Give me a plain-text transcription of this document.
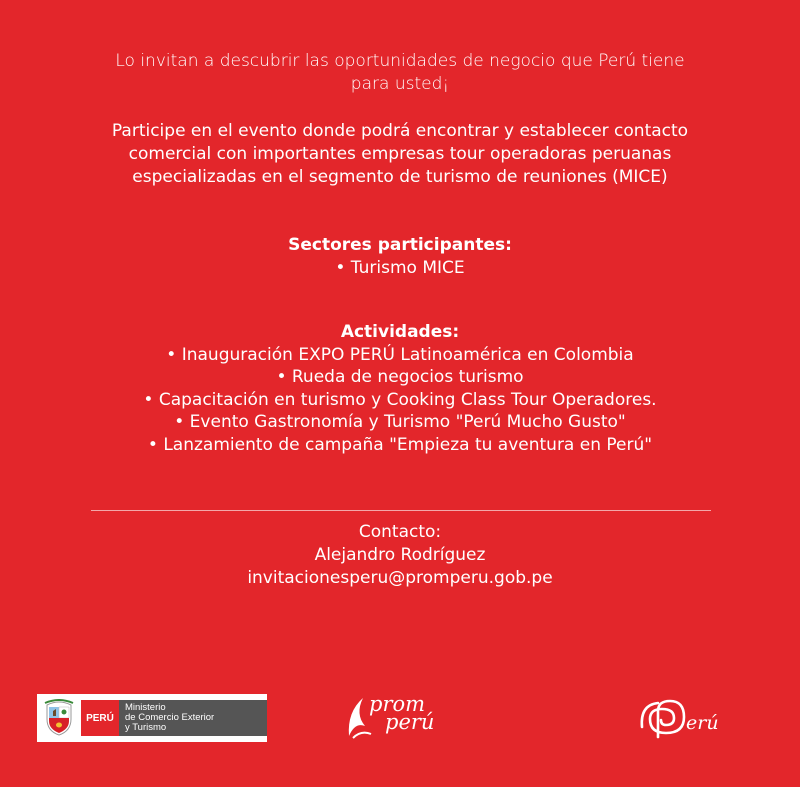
Lo invitan a descubrir las oportunidades de negocio que Perú tiene
para usted¡
Participe en el evento donde podrá encontrar y establecer contacto
comercial con importantes empresas tour operadoras peruanas
especializadas en el segmento de turismo de reuniones (MICE)
Sectores participantes:
• Turismo MICE
Actividades:
• Inauguración EXPO PERÚ Latinoamérica en Colombia
• Rueda de negocios turismo
• Capacitación en turismo y Cooking Class Tour Operadores.
• Evento Gastronomía y Turismo "Perú Mucho Gusto"
• Lanzamiento de campaña "Empieza tu aventura en Perú"
Contacto:
Alejandro Rodríguez
invitacionesperu@promperu.gob.pe
PERÚ
Ministerio
de Comercio Exterior
y Turismo
prom
perú	erú
